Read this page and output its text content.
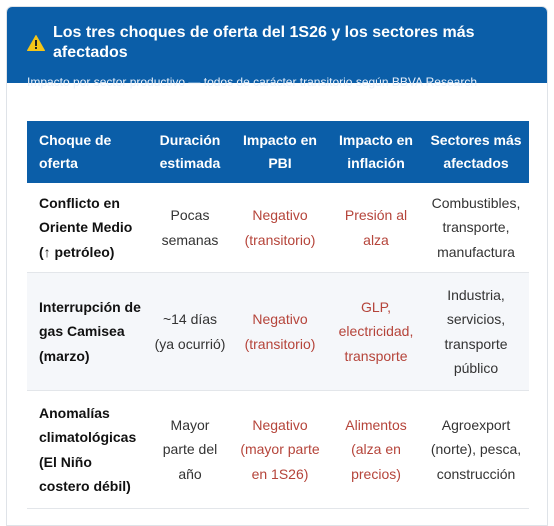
Los tres choques de oferta del 1S26 y los sectores más afectados
Impacto por sector productivo — todos de carácter transitorio según BBVA Research
Choque de oferta	Duración estimada	Impacto en PBI	Impacto en inflación	Sectores más afectados
Conflicto en Oriente Medio (↑ petróleo)	Pocas semanas	Negativo (transitorio)	Presión al alza	Combustibles, transporte, manufactura
Interrupción de gas Camisea (marzo)	~14 días (ya ocurrió)	Negativo (transitorio)	GLP, electricidad, transporte	Industria, servicios, transporte público
Anomalías climatológicas (El Niño costero débil)	Mayor parte del año	Negativo (mayor parte en 1S26)	Alimentos (alza en precios)	Agroexport (norte), pesca, construcción
